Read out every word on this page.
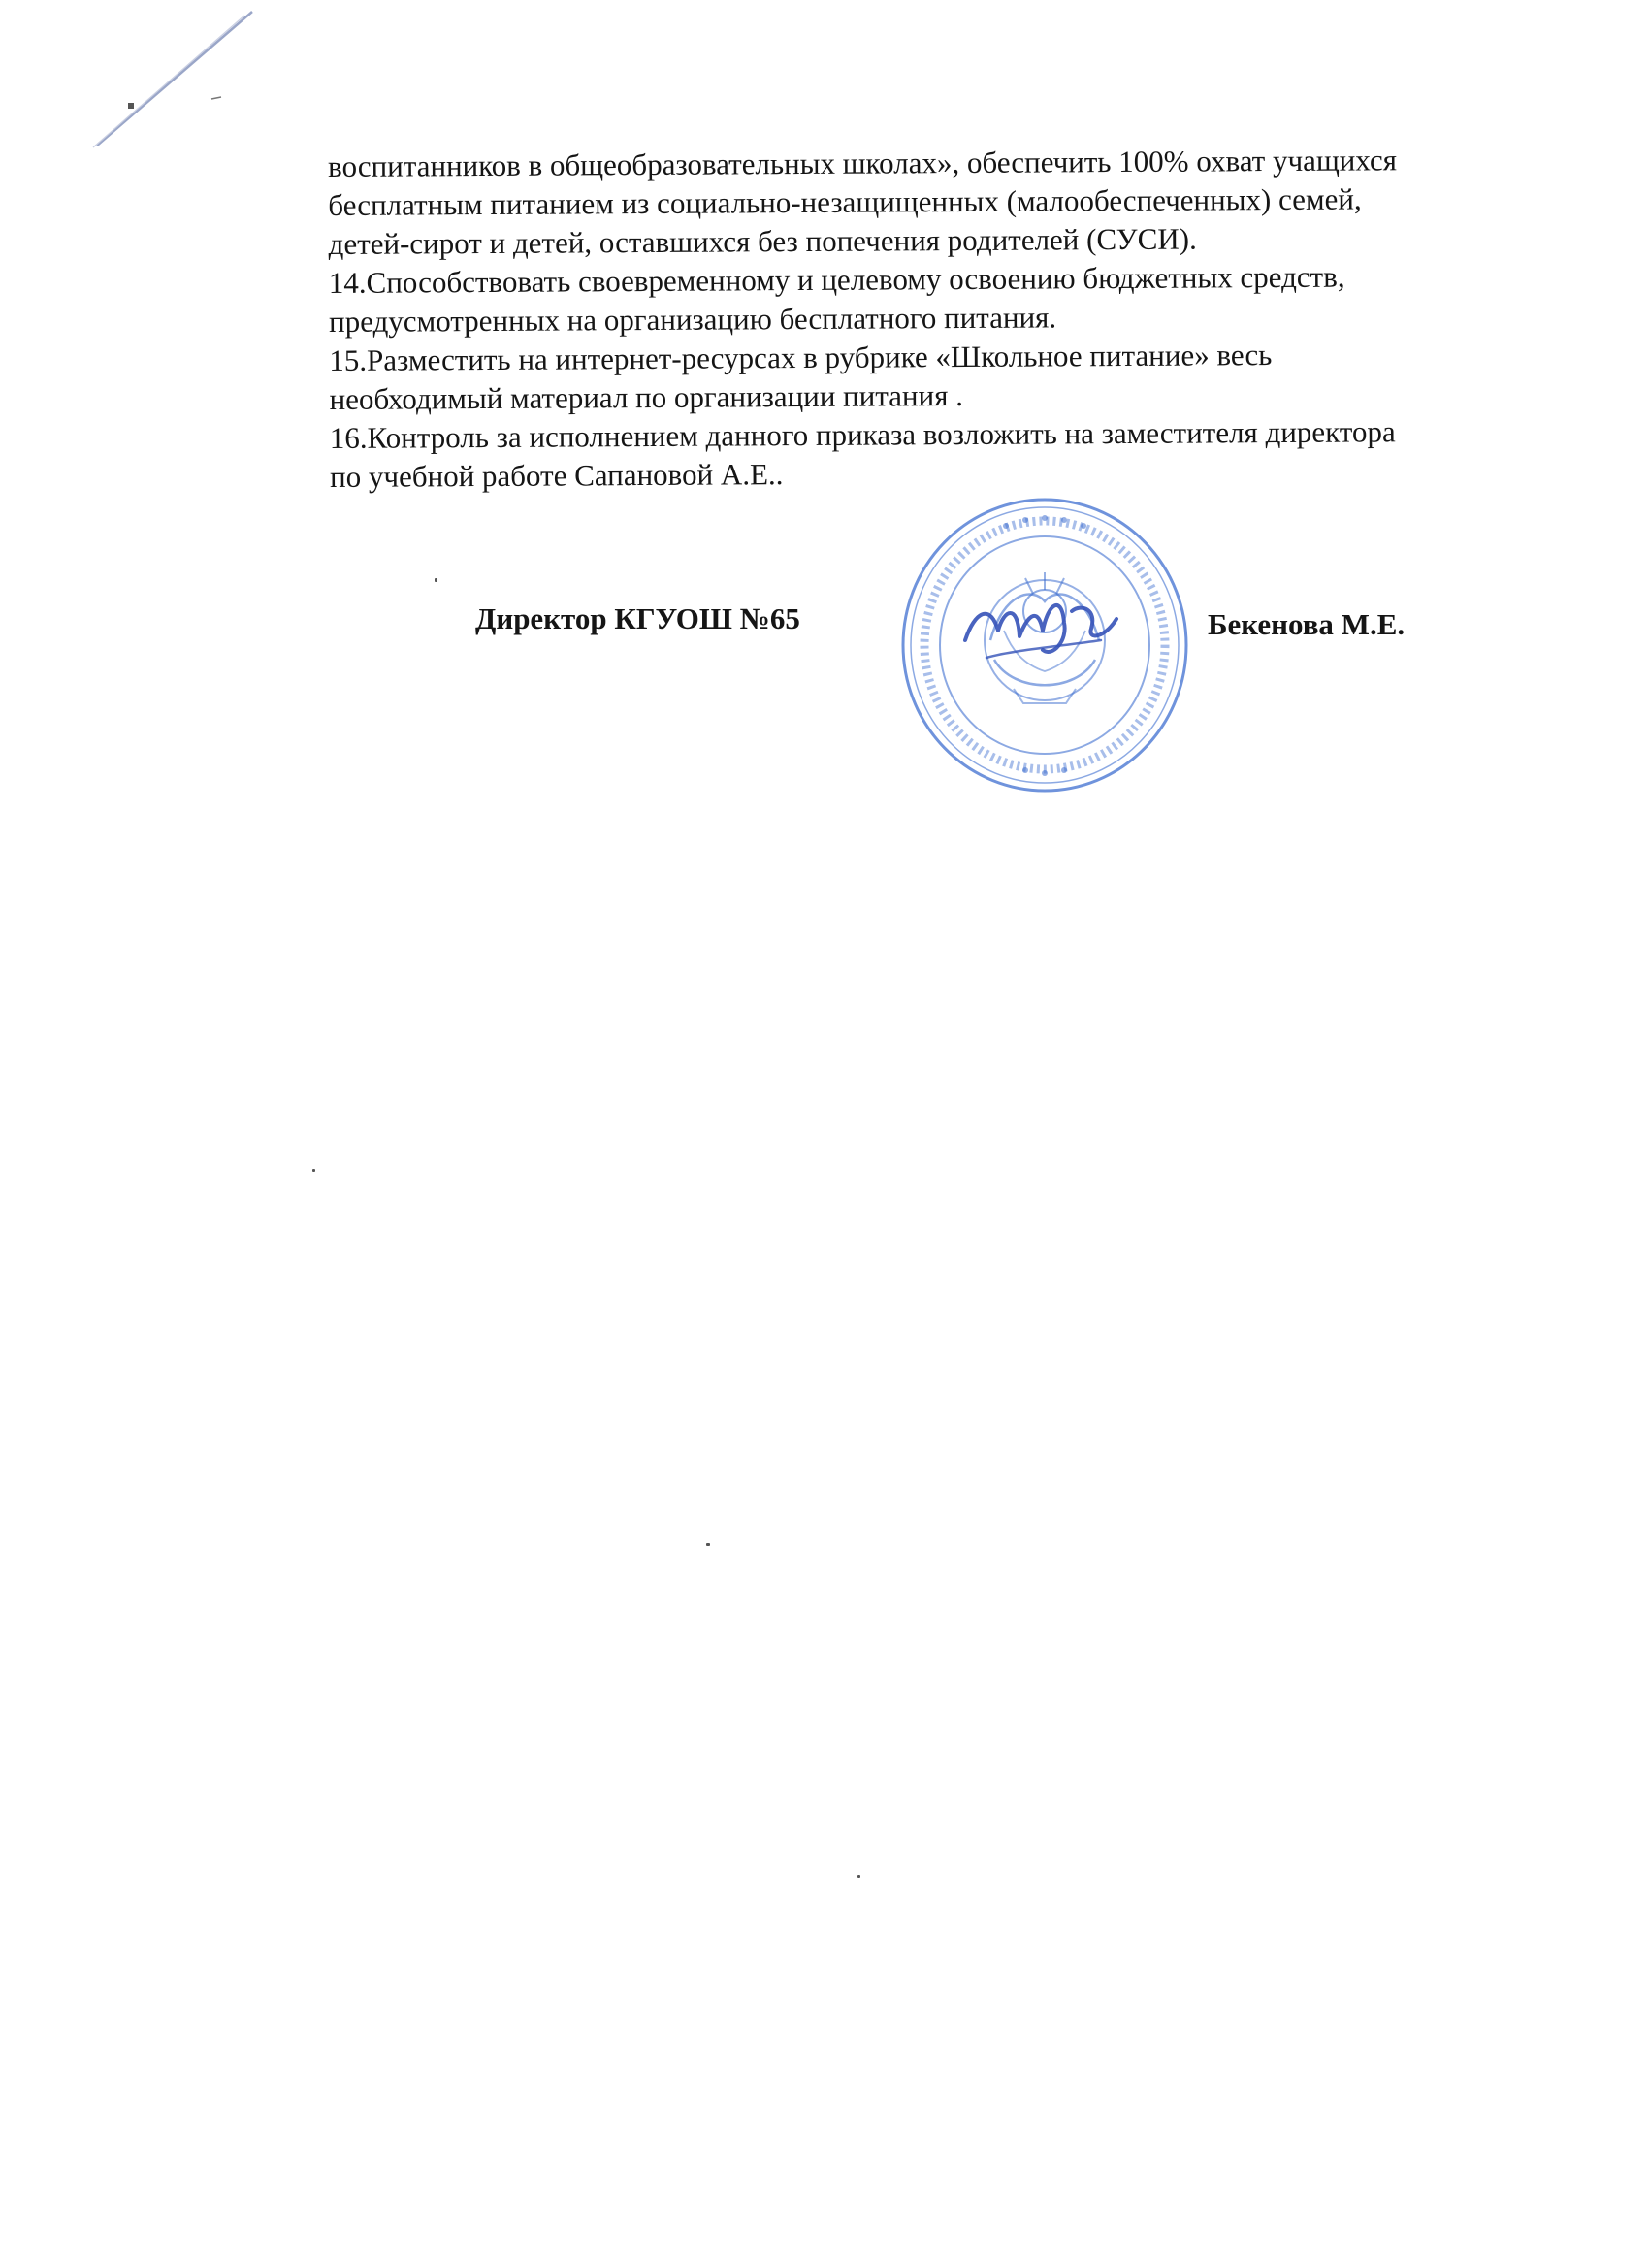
воспитанников в общеобразовательных школах», обеспечить 100% охват учащихся
бесплатным питанием из социально-незащищенных (малообеспеченных) семей,
детей-сирот и детей, оставшихся без попечения родителей (СУСИ).

14.Способствовать своевременному и целевому освоению бюджетных средств,
предусмотренных на организацию бесплатного питания.

15.Разместить на интернет-ресурсах в рубрике «Школьное питание» весь
необходимый материал по организации питания .

16.Контроль за исполнением данного приказа возложить на заместителя директора
по учебной работе Сапановой А.Е..

Директор КГУОШ №65	Бекенова М.Е.
